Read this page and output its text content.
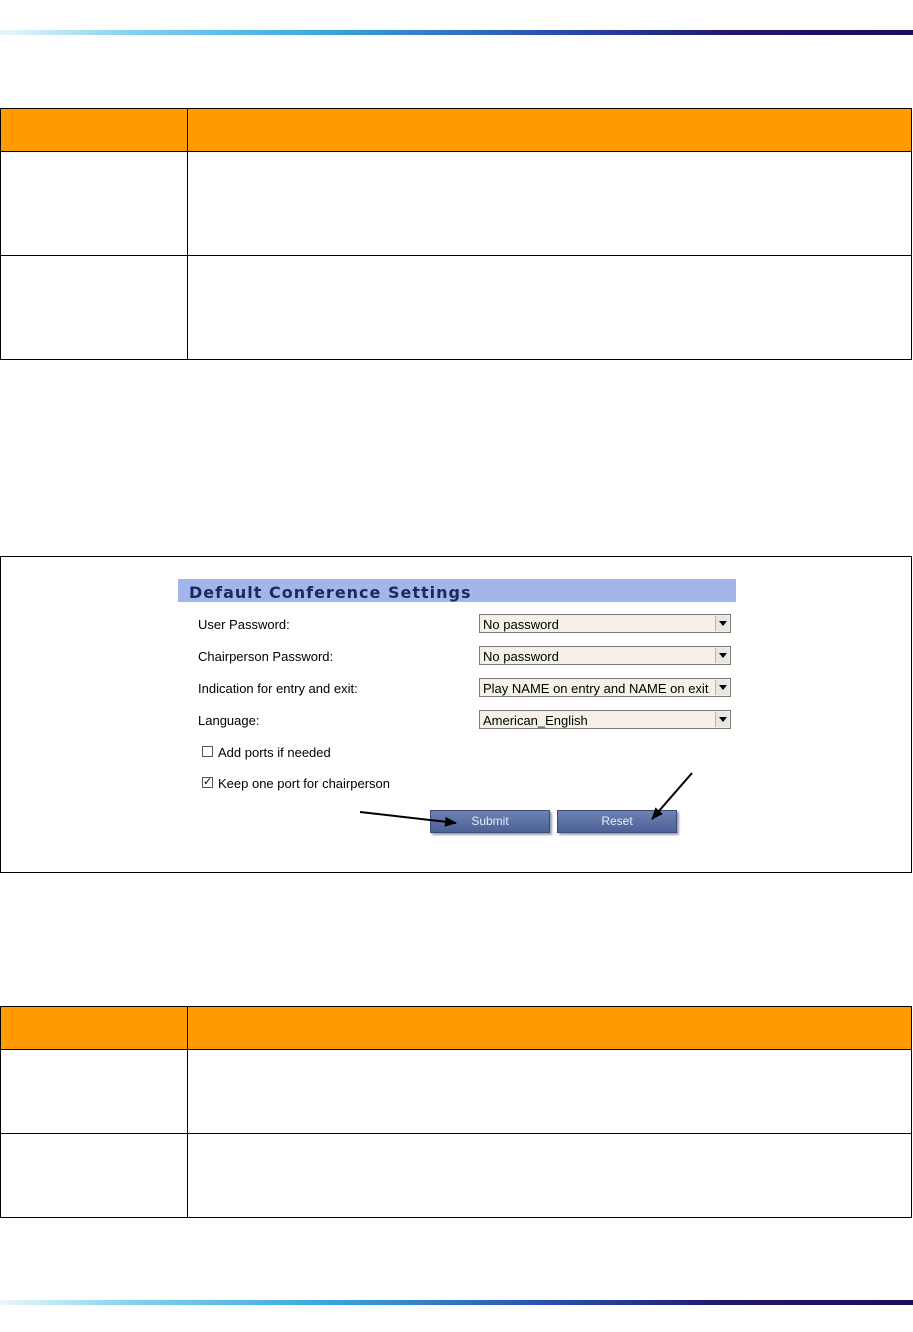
Default Conference Settings
User Password:	No password
Chairperson Password:	No password
Indication for entry and exit:	Play NAME on entry and NAME on exit
Language:	American_English
Add ports if needed
✓ Keep one port for chairperson
Submit	Reset
